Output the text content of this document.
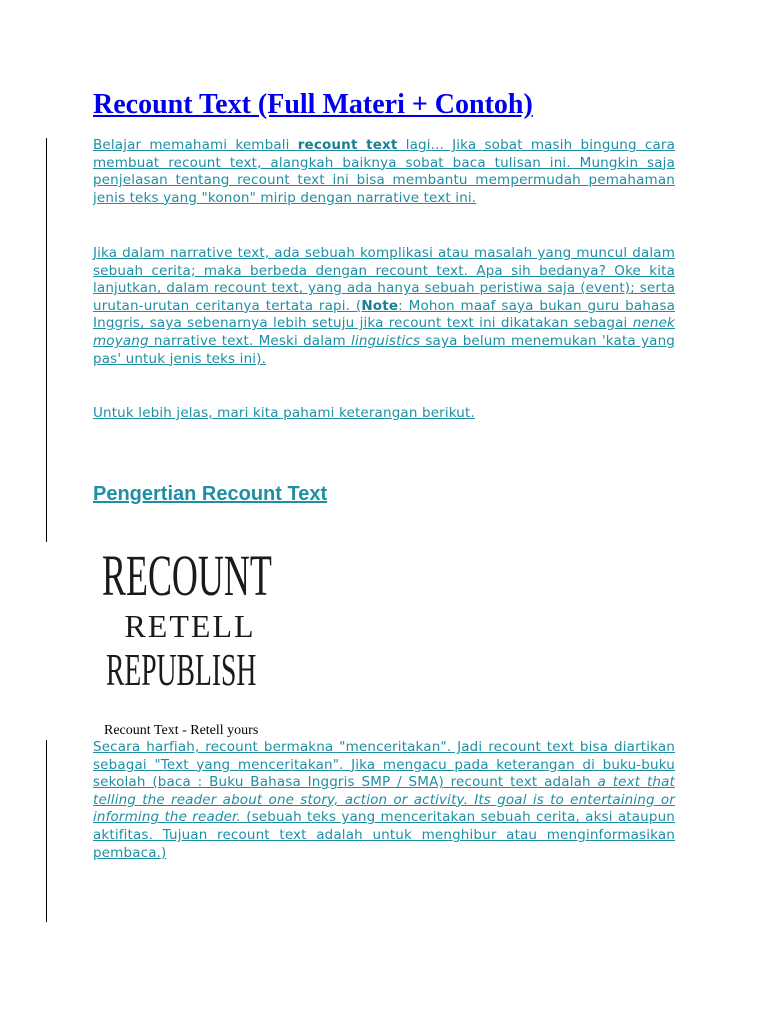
Recount Text (Full Materi + Contoh)

Belajar memahami kembali recount text lagi... Jika sobat masih bingung cara membuat recount text, alangkah baiknya sobat baca tulisan ini. Mungkin saja penjelasan tentang recount text ini bisa membantu mempermudah pemahaman jenis teks yang "konon" mirip dengan narrative text ini.

Jika dalam narrative text, ada sebuah komplikasi atau masalah yang muncul dalam sebuah cerita; maka berbeda dengan recount text. Apa sih bedanya? Oke kita lanjutkan, dalam recount text, yang ada hanya sebuah peristiwa saja (event); serta urutan-urutan ceritanya tertata rapi. (Note: Mohon maaf saya bukan guru bahasa Inggris, saya sebenarnya lebih setuju jika recount text ini dikatakan sebagai nenek moyang narrative text. Meski dalam linguistics saya belum menemukan 'kata yang pas' untuk jenis teks ini).

Untuk lebih jelas, mari kita pahami keterangan berikut.

Pengertian Recount Text
RECOUNT
RETELL
REPUBLISH

Recount Text - Retell yours

Secara harfiah, recount bermakna "menceritakan". Jadi recount text bisa diartikan sebagai "Text yang menceritakan". Jika mengacu pada keterangan di buku-buku sekolah (baca : Buku Bahasa Inggris SMP / SMA) recount text adalah a text that telling the reader about one story, action or activity. Its goal is to entertaining or informing the reader. (sebuah teks yang menceritakan sebuah cerita, aksi ataupun aktifitas. Tujuan recount text adalah untuk menghibur atau menginformasikan pembaca.)
